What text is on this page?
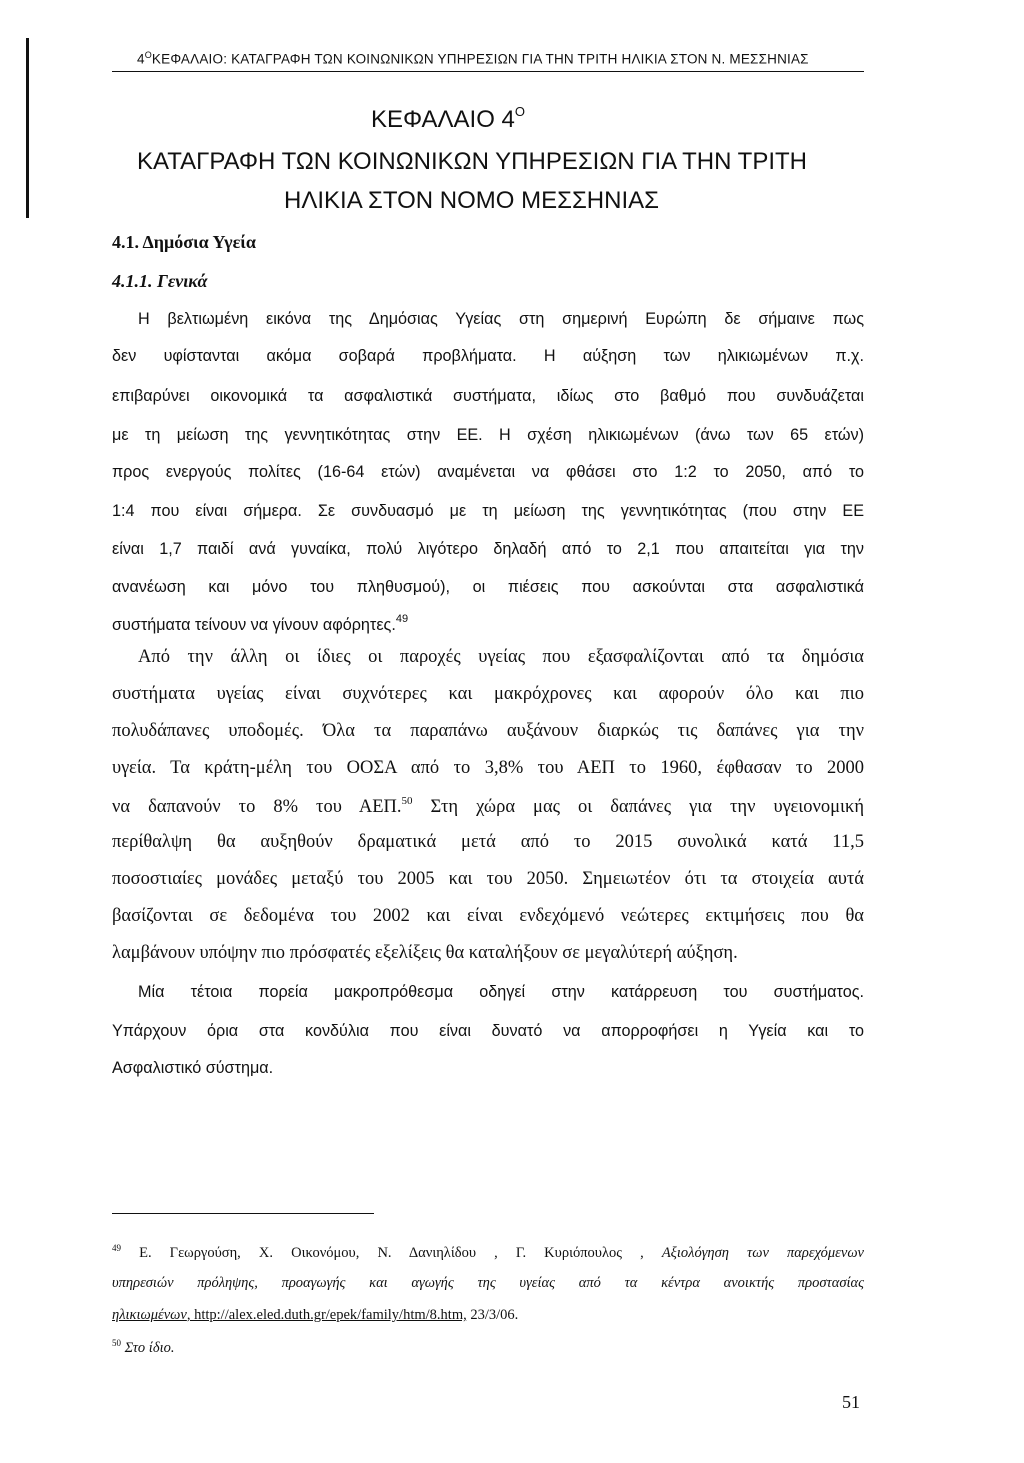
$4^OKE\Phi A\Lambda AIO$: ΚΑΤΑΓΡΑΦΗ ΤΩΝ ΚΟΙΝΩΝΙΚΩΝ ΥΠΗΡΕΣΙΩΝ ΓΙΑ ΤΗΝ ΤΡΙΤΗ ΗΛΙΚΙΑ ΣΤΟΝ Ν. ΜΕΣΣΗΝΙΑΣ
ΚΕΦΑΛΑΙΟ $4^O$
ΚΑΤΑΓΡΑΦΗ ΤΩΝ ΚΟΙΝΩΝΙΚΩΝ ΥΠΗΡΕΣΙΩΝ ΓΙΑ ΤΗΝ ΤΡΙΤΗ
ΗΛΙΚΙΑ ΣΤΟΝ ΝΟΜΟ ΜΕΣΣΗΝΙΑΣ
4.1. Δημόσια Υγεία
4.1.1. Γενικά
Η βελτιωμένη εικόνα της Δημόσιας Υγείας στη σημερινή Ευρώπη δε σήμαινε πως
δεν υφίστανται ακόμα σοβαρά προβλήματα. Η αύξηση των ηλικιωμένων π.χ.
επιβαρύνει οικονομικά τα ασφαλιστικά συστήματα, ιδίως στο βαθμό που συνδυάζεται
με τη μείωση της γεννητικότητας στην ΕΕ. Η σχέση ηλικιωμένων (άνω των 65 ετών)
προς ενεργούς πολίτες (16-64 ετών) αναμένεται να φθάσει στο 1:2 το 2050, από το
1:4 που είναι σήμερα. Σε συνδυασμό με τη μείωση της γεννητικότητας (που στην ΕΕ
είναι 1,7 παιδί ανά γυναίκα, πολύ λιγότερο δηλαδή από το 2,1 που απαιτείται για την
ανανέωση και μόνο του πληθυσμού), οι πιέσεις που ασκούνται στα ασφαλιστικά
συστήματα τείνουν να γίνουν αφόρητες.$^{49}$
Από την άλλη οι ίδιες οι παροχές υγείας που εξασφαλίζονται από τα δημόσια
συστήματα υγείας είναι συχνότερες και μακρόχρονες και αφορούν όλο και πιο
πολυδάπανες υποδομές. Όλα τα παραπάνω αυξάνουν διαρκώς τις δαπάνες για την
υγεία. Τα κράτη-μέλη του ΟΟΣΑ από το 3,8% του ΑΕΠ το 1960, έφθασαν το 2000
να δαπανούν το 8% του ΑΕΠ.$^{50}$ Στη χώρα μας οι δαπάνες για την υγειονομική
περίθαλψη θα αυξηθούν δραματικά μετά από το 2015 συνολικά κατά 11,5
ποσοστιαίες μονάδες μεταξύ του 2005 και του 2050. Σημειωτέον ότι τα στοιχεία αυτά
βασίζονται σε δεδομένα του 2002 και είναι ενδεχόμενό νεώτερες εκτιμήσεις που θα
λαμβάνουν υπόψην πιο πρόσφατές εξελίξεις θα καταλήξουν σε μεγαλύτερή αύξηση.
Μία τέτοια πορεία μακροπρόθεσμα οδηγεί στην κατάρρευση του συστήματος.
Υπάρχουν όρια στα κονδύλια που είναι δυνατό να απορροφήσει η Υγεία και το
Ασφαλιστικό σύστημα.
$^{49}$ Ε. Γεωργούση, Χ. Οικονόμου, Ν. Δανιηλίδου , Γ. Κυριόπουλος , Αξιολόγηση των παρεχόμενων
υπηρεσιών πρόληψης, προαγωγής και αγωγής της υγείας από τα κέντρα ανοικτής προστασίας
ηλικιωμένων, http://alex.eled.duth.gr/epek/family/htm/8.htm, 23/3/06.
$^{50}$ Στο ίδιο.
51
